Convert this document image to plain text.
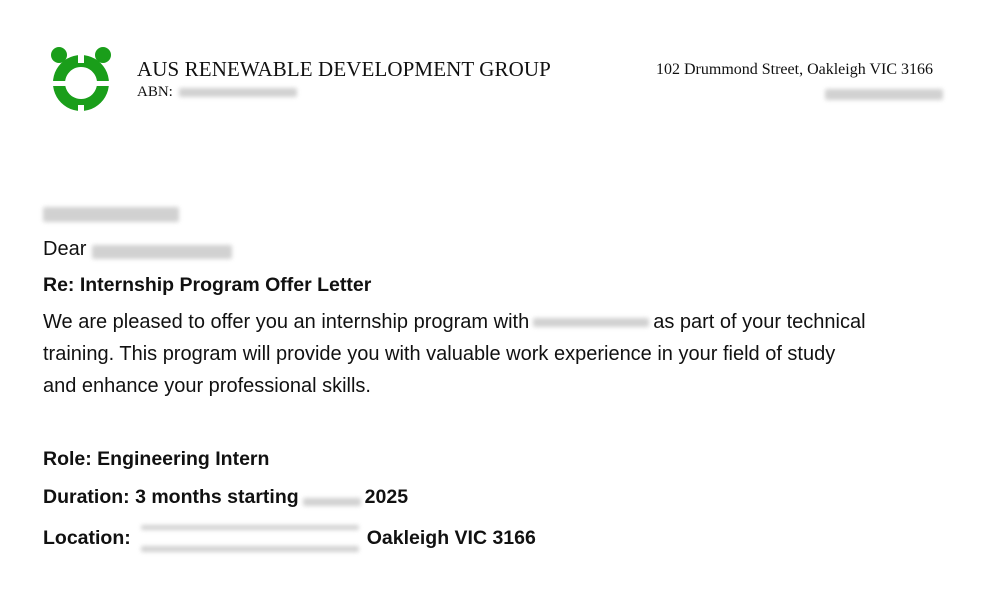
AUS RENEWABLE DEVELOPMENT GROUP
ABN:
102 Drummond Street, Oakleigh VIC 3166
Dear
Re: Internship Program Offer Letter
We are pleased to offer you an internship program with	as part of your technical
training. This program will provide you with valuable work experience in your field of study
and enhance your professional skills.
Role: Engineering Intern
Duration: 3 months starting	2025
Location:	Oakleigh VIC 3166
